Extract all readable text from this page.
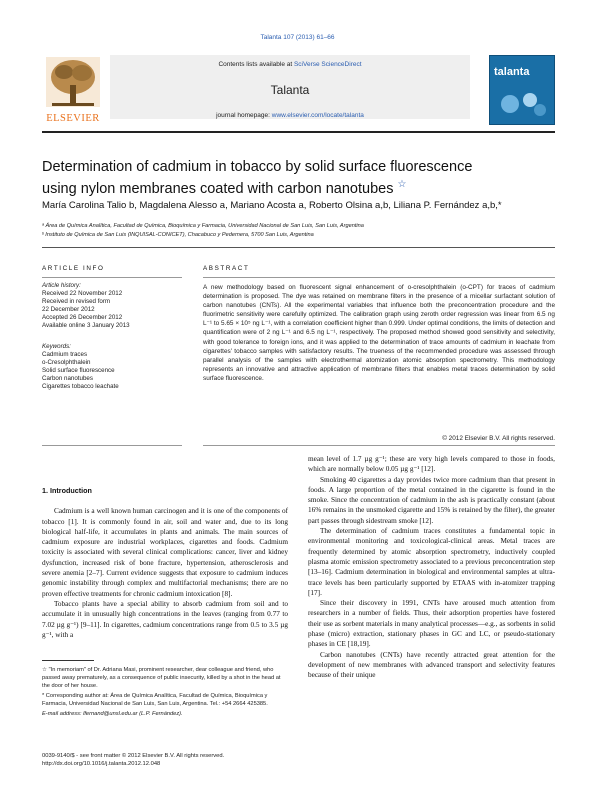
Talanta 107 (2013) 61–66
ELSEVIER
Contents lists available at SciVerse ScienceDirect
Talanta
journal homepage: www.elsevier.com/locate/talanta
talanta
Determination of cadmium in tobacco by solid surface fluorescence
using nylon membranes coated with carbon nanotubes ☆
María Carolina Talio b, Magdalena Alesso a, Mariano Acosta a, Roberto Olsina a,b, Liliana P. Fernández a,b,*
ᵃ Área de Química Analítica, Facultad de Química, Bioquímica y Farmacia, Universidad Nacional de San Luis, San Luis, Argentina
ᵇ Instituto de Química de San Luis (INQUISAL-CONICET), Chacabuco y Pedernera, 5700 San Luis, Argentina
ARTICLE INFO
Article history:
Received 22 November 2012
Received in revised form
22 December 2012
Accepted 26 December 2012
Available online 3 January 2013
Keywords:
Cadmium traces
o-Cresolphthalein
Solid surface fluorescence
Carbon nanotubes
Cigarettes tobacco leachate
ABSTRACT
A new methodology based on fluorescent signal enhancement of o-cresolphthalein (o-CPT) for traces of cadmium determination is proposed. The dye was retained on membrane filters in the presence of a micellar surfactant solution of carbon nanotubes (CNTs). All the experimental variables that influence both the preconcentration procedure and the fluorimetric sensitivity were carefully optimized. The calibration graph using zeroth order regression was linear from 6.5 ng L⁻¹ to 5.65 × 10⁵ ng L⁻¹, with a correlation coefficient higher than 0.999. Under optimal conditions, the limits of detection and quantification were of 2 ng L⁻¹ and 6.5 ng L⁻¹, respectively. The proposed method showed good sensitivity and selectivity, with good tolerance to foreign ions, and it was applied to the determination of trace amounts of cadmium in leachate from cigarettes' tobacco samples with satisfactory results. The trueness of the recommended procedure was assessed through parallel analysis of the samples with electrothermal atomization atomic absorption spectrometry. This methodology represents an innovative and attractive application of membrane filters that enables metal traces determination by solid surface fluorescence.
© 2012 Elsevier B.V. All rights reserved.

1. Introduction

Cadmium is a well known human carcinogen and it is one of the components of tobacco [1]. It is commonly found in air, soil and water and, due to its long biological half-life, it accumulates in plants and animals. The main sources of cadmium exposure are industrial workplaces, cigarettes and foods. Cadmium toxicity is associated with several clinical complications: cancer, liver and kidney dysfunction, increased risk of bone fracture, hypertension, atherosclerosis and severe anemia [2–7]. Current evidence suggests that exposure to cadmium induces genomic instability through complex and multifactorial mechanisms; there are no proven effective treatments for chronic cadmium intoxication [8].

Tobacco plants have a special ability to absorb cadmium from soil and to accumulate it in unusually high concentrations in the leaves (ranging from 0.77 to 7.02 µg g⁻¹) [9–11]. In cigarettes, cadmium concentrations range from 0.5 to 3.5 µg g⁻¹, with a

mean level of 1.7 µg g⁻¹; these are very high levels compared to those in foods, which are normally below 0.05 µg g⁻¹ [12].

Smoking 40 cigarettes a day provides twice more cadmium than that present in foods. A large proportion of the metal contained in the cigarette is found in the smoke. Since the concentration of cadmium in the ash is practically constant (about 16% remains in the unsmoked cigarette and 15% is retained by the filter), the greater part passes through sidestream smoke [12].

The determination of cadmium traces constitutes a fundamental topic in environmental monitoring and toxicological-clinical areas. Metal traces are frequently determined by atomic absorption spectrometry, inductively coupled plasma atomic emission spectrometry associated to a previous preconcentration step [13–16]. Cadmium determination in biological and environmental samples at ultra-trace levels has been particularly supported by ETAAS with in-atomizer trapping [17].

Since their discovery in 1991, CNTs have aroused much attention from researchers in a number of fields. Thus, their adsorption properties have fostered their use as sorbent materials in many analytical processes—e.g., as sorbents in solid phase (micro) extraction, stationary phases in GC and LC, or pseudo-stationary phases in CE [18,19].

Carbon nanotubes (CNTs) have recently attracted great attention for the development of new membranes with advanced transport and selectivity features because of their unique

☆ "In memoriam" of Dr. Adriana Masi, prominent researcher, dear colleague and friend, who passed away prematurely, as a consequence of public insecurity, killed by a shot in the head at the door of her house.

* Corresponding author at: Área de Química Analítica, Facultad de Química, Bioquímica y Farmacia, Universidad Nacional de San Luis, San Luis, Argentina. Tel.: +54 2664 425385.

E-mail address: lfernand@unsl.edu.ar (L.P. Fernández).

0039-9140/$ - see front matter © 2012 Elsevier B.V. All rights reserved.
http://dx.doi.org/10.1016/j.talanta.2012.12.048
